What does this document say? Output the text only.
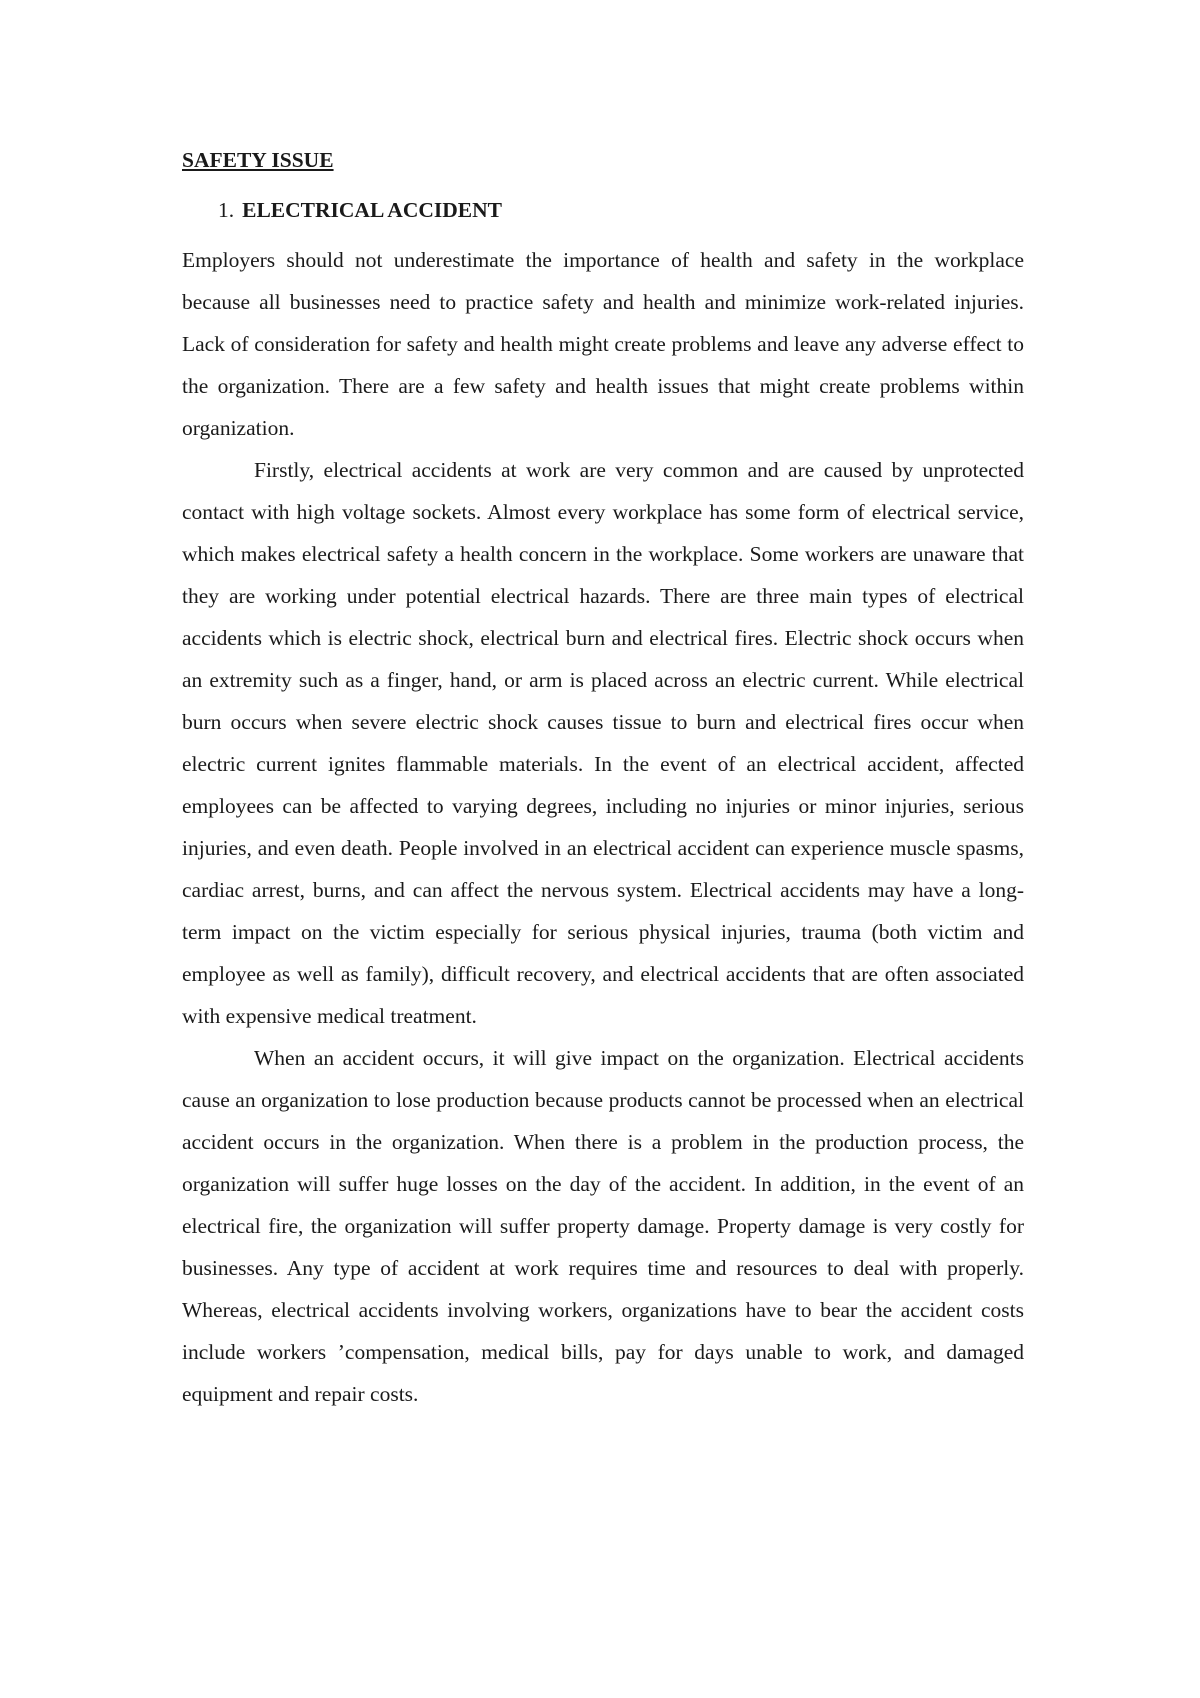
SAFETY ISSUE
1. ELECTRICAL ACCIDENT

Employers should not underestimate the importance of health and safety in the workplace because all businesses need to practice safety and health and minimize work-related injuries. Lack of consideration for safety and health might create problems and leave any adverse effect to the organization. There are a few safety and health issues that might create problems within organization.

Firstly, electrical accidents at work are very common and are caused by unprotected contact with high voltage sockets. Almost every workplace has some form of electrical service, which makes electrical safety a health concern in the workplace. Some workers are unaware that they are working under potential electrical hazards. There are three main types of electrical accidents which is electric shock, electrical burn and electrical fires. Electric shock occurs when an extremity such as a finger, hand, or arm is placed across an electric current. While electrical burn occurs when severe electric shock causes tissue to burn and electrical fires occur when electric current ignites flammable materials. In the event of an electrical accident, affected employees can be affected to varying degrees, including no injuries or minor injuries, serious injuries, and even death. People involved in an electrical accident can experience muscle spasms, cardiac arrest, burns, and can affect the nervous system. Electrical accidents may have a long-term impact on the victim especially for serious physical injuries, trauma (both victim and employee as well as family), difficult recovery, and electrical accidents that are often associated with expensive medical treatment.

When an accident occurs, it will give impact on the organization. Electrical accidents cause an organization to lose production because products cannot be processed when an electrical accident occurs in the organization. When there is a problem in the production process, the organization will suffer huge losses on the day of the accident. In addition, in the event of an electrical fire, the organization will suffer property damage. Property damage is very costly for businesses. Any type of accident at work requires time and resources to deal with properly. Whereas, electrical accidents involving workers, organizations have to bear the accident costs include workers ’compensation, medical bills, pay for days unable to work, and damaged equipment and repair costs.
